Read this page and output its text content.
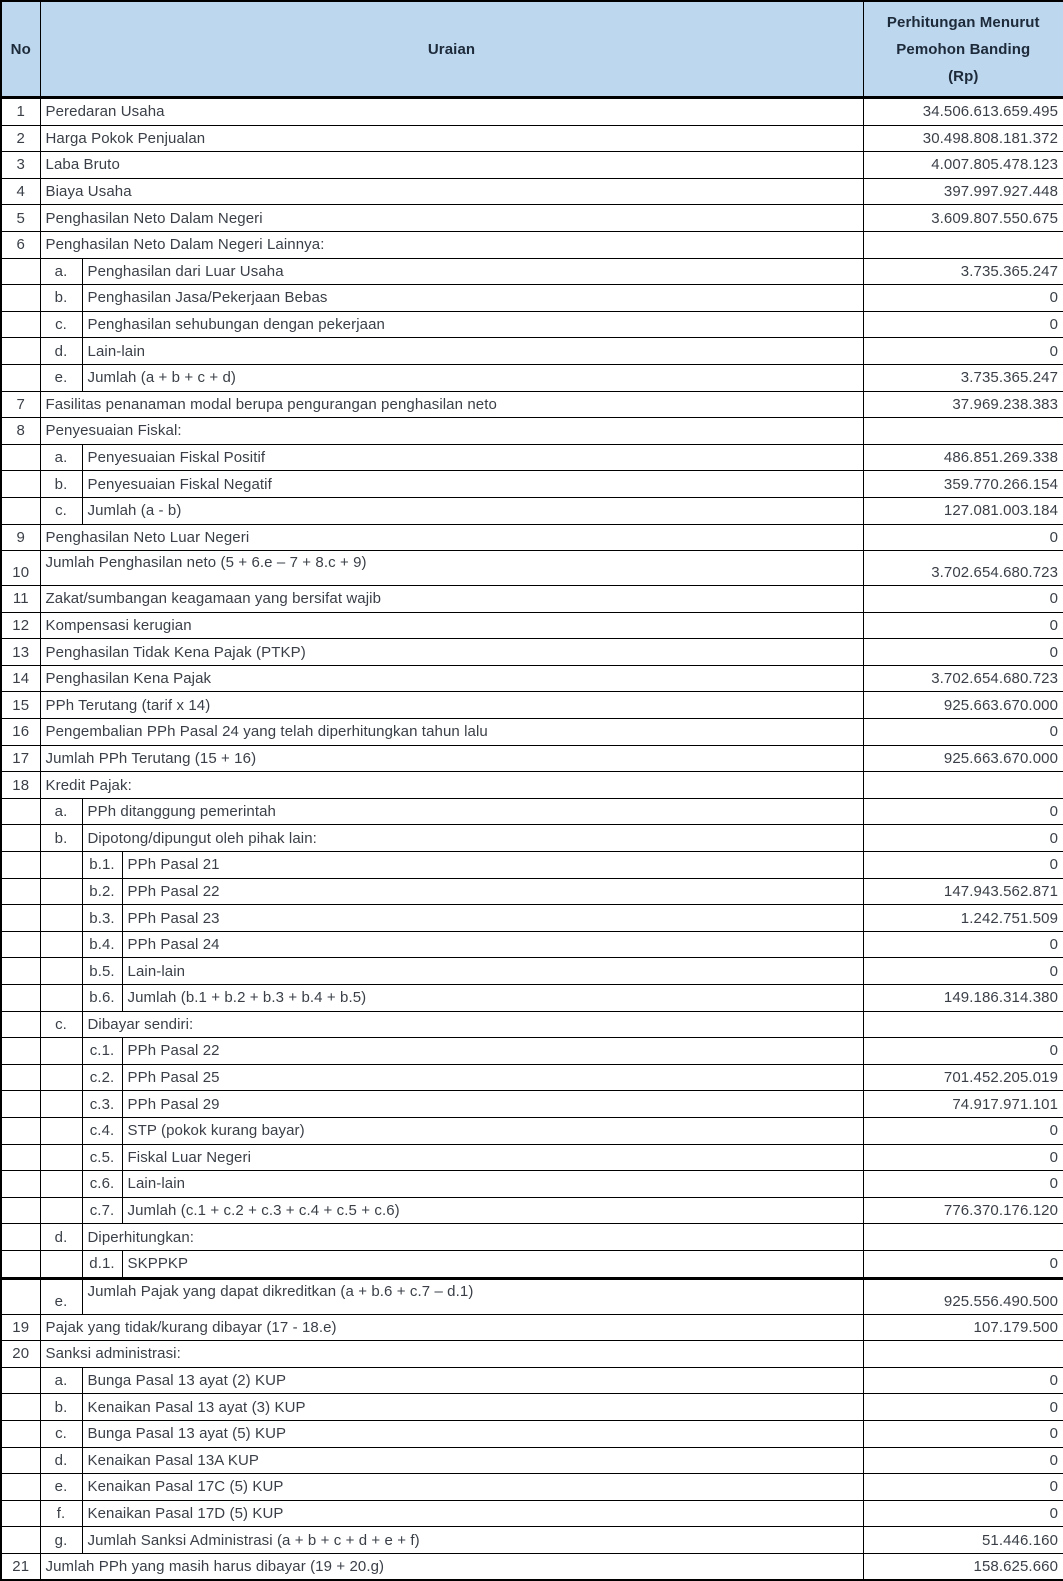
No	Uraian			Perhitungan Menurut
Pemohon Banding
(Rp)

1	Peredaran Usaha			34.506.613.659.495
2	Harga Pokok Penjualan			30.498.808.181.372
3	Laba Bruto			4.007.805.478.123
4	Biaya Usaha			397.997.927.448
5	Penghasilan Neto Dalam Negeri			3.609.807.550.675
6	Penghasilan Neto Dalam Negeri Lainnya:			
	a.	Penghasilan dari Luar Usaha		3.735.365.247
	b.	Penghasilan Jasa/Pekerjaan Bebas		0
	c.	Penghasilan sehubungan dengan pekerjaan		0
	d.	Lain-lain		0
	e.	Jumlah (a + b + c + d)		3.735.365.247
7	Fasilitas penanaman modal berupa pengurangan penghasilan neto			37.969.238.383
8	Penyesuaian Fiskal:			
	a.	Penyesuaian Fiskal Positif		486.851.269.338
	b.	Penyesuaian Fiskal Negatif		359.770.266.154
	c.	Jumlah (a - b)		127.081.003.184
9	Penghasilan Neto Luar Negeri			0
10	Jumlah Penghasilan neto (5 + 6.e – 7 + 8.c + 9)			3.702.654.680.723
11	Zakat/sumbangan keagamaan yang bersifat wajib			0
12	Kompensasi kerugian			0
13	Penghasilan Tidak Kena Pajak (PTKP)			0
14	Penghasilan Kena Pajak			3.702.654.680.723
15	PPh Terutang (tarif x 14)			925.663.670.000
16	Pengembalian PPh Pasal 24 yang telah diperhitungkan tahun lalu			0
17	Jumlah PPh Terutang (15 + 16)			925.663.670.000
18	Kredit Pajak:			
	a.	PPh ditanggung pemerintah		0
	b.	Dipotong/dipungut oleh pihak lain:		0
		b.1.	PPh Pasal 21	0
		b.2.	PPh Pasal 22	147.943.562.871
		b.3.	PPh Pasal 23	1.242.751.509
		b.4.	PPh Pasal 24	0
		b.5.	Lain-lain	0
		b.6.	Jumlah (b.1 + b.2 + b.3 + b.4 + b.5)	149.186.314.380
	c.	Dibayar sendiri:		
		c.1.	PPh Pasal 22	0
		c.2.	PPh Pasal 25	701.452.205.019
		c.3.	PPh Pasal 29	74.917.971.101
		c.4.	STP (pokok kurang bayar)	0
		c.5.	Fiskal Luar Negeri	0
		c.6.	Lain-lain	0
		c.7.	Jumlah (c.1 + c.2 + c.3 + c.4 + c.5 + c.6)	776.370.176.120
	d.	Diperhitungkan:		
		d.1.	SKPPKP	0
	e.	Jumlah Pajak yang dapat dikreditkan (a + b.6 + c.7 – d.1)		925.556.490.500
19	Pajak yang tidak/kurang dibayar (17 - 18.e)			107.179.500
20	Sanksi administrasi:			
	a.	Bunga Pasal 13 ayat (2) KUP		0
	b.	Kenaikan Pasal 13 ayat (3) KUP		0
	c.	Bunga Pasal 13 ayat (5) KUP		0
	d.	Kenaikan Pasal 13A KUP		0
	e.	Kenaikan Pasal 17C (5) KUP		0
	f.	Kenaikan Pasal 17D (5) KUP		0
	g.	Jumlah Sanksi Administrasi (a + b + c + d + e + f)		51.446.160
21	Jumlah PPh yang masih harus dibayar (19 + 20.g)			158.625.660
